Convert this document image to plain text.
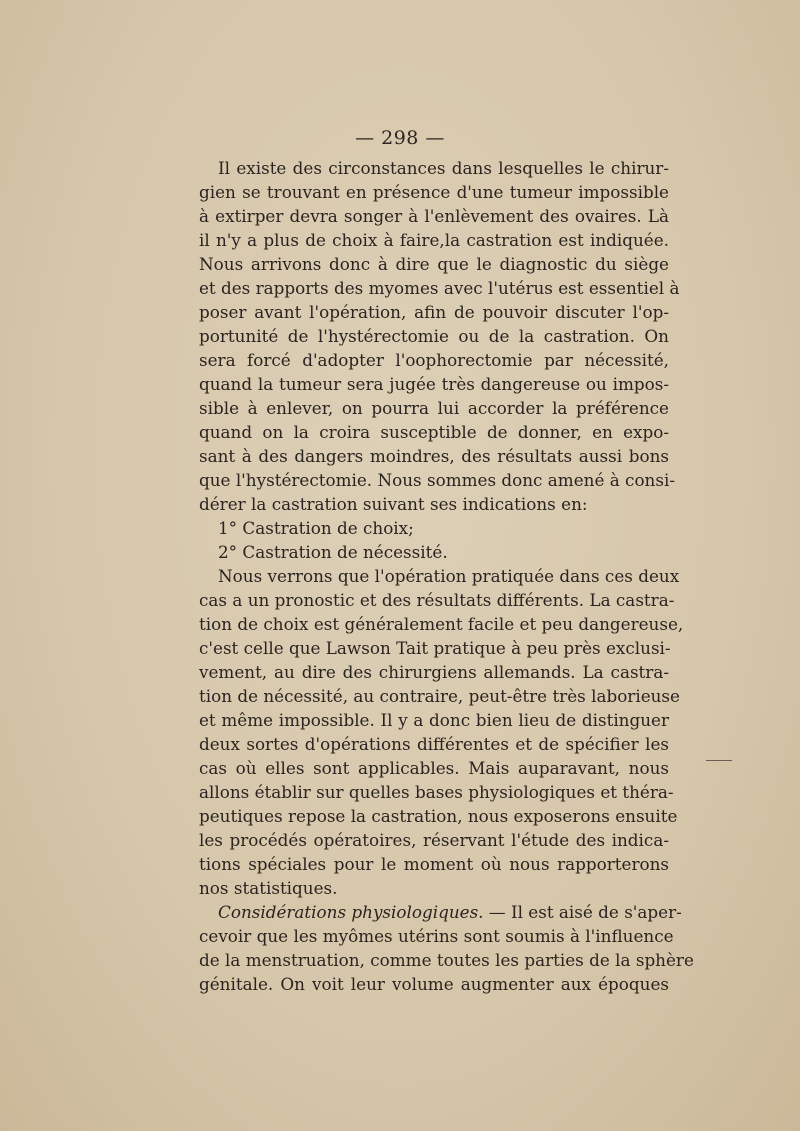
— 298 —
Il existe des circonstances dans lesquelles le chirur-
gien se trouvant en présence d'une tumeur impossible
à extirper devra songer à l'enlèvement des ovaires. Là
il n'y a plus de choix à faire,la castration est indiquée.
Nous arrivons donc à dire que le diagnostic du siège
et des rapports des myomes avec l'utérus est essentiel à
poser avant l'opération, afin de pouvoir discuter l'op-
portunité de l'hystérectomie ou de la castration. On
sera forcé d'adopter l'oophorectomie par nécessité,
quand la tumeur sera jugée très dangereuse ou impos-
sible à enlever, on pourra lui accorder la préférence
quand on la croira susceptible de donner, en expo-
sant à des dangers moindres, des résultats aussi bons
que l'hystérectomie. Nous sommes donc amené à consi-
dérer la castration suivant ses indications en:
1° Castration de choix;
2° Castration de nécessité.
Nous verrons que l'opération pratiquée dans ces deux
cas a un pronostic et des résultats différents. La castra-
tion de choix est généralement facile et peu dangereuse,
c'est celle que Lawson Tait pratique à peu près exclusi-
vement, au dire des chirurgiens allemands. La castra-
tion de nécessité, au contraire, peut-être très laborieuse
et même impossible. Il y a donc bien lieu de distinguer
deux sortes d'opérations différentes et de spécifier les
cas où elles sont applicables. Mais auparavant, nous
allons établir sur quelles bases physiologiques et théra-
peutiques repose la castration, nous exposerons ensuite
les procédés opératoires, réservant l'étude des indica-
tions spéciales pour le moment où nous rapporterons
nos statistiques.
Considérations physiologiques. — Il est aisé de s'aper-
cevoir que les myômes utérins sont soumis à l'influence
de la menstruation, comme toutes les parties de la sphère
génitale. On voit leur volume augmenter aux époques
